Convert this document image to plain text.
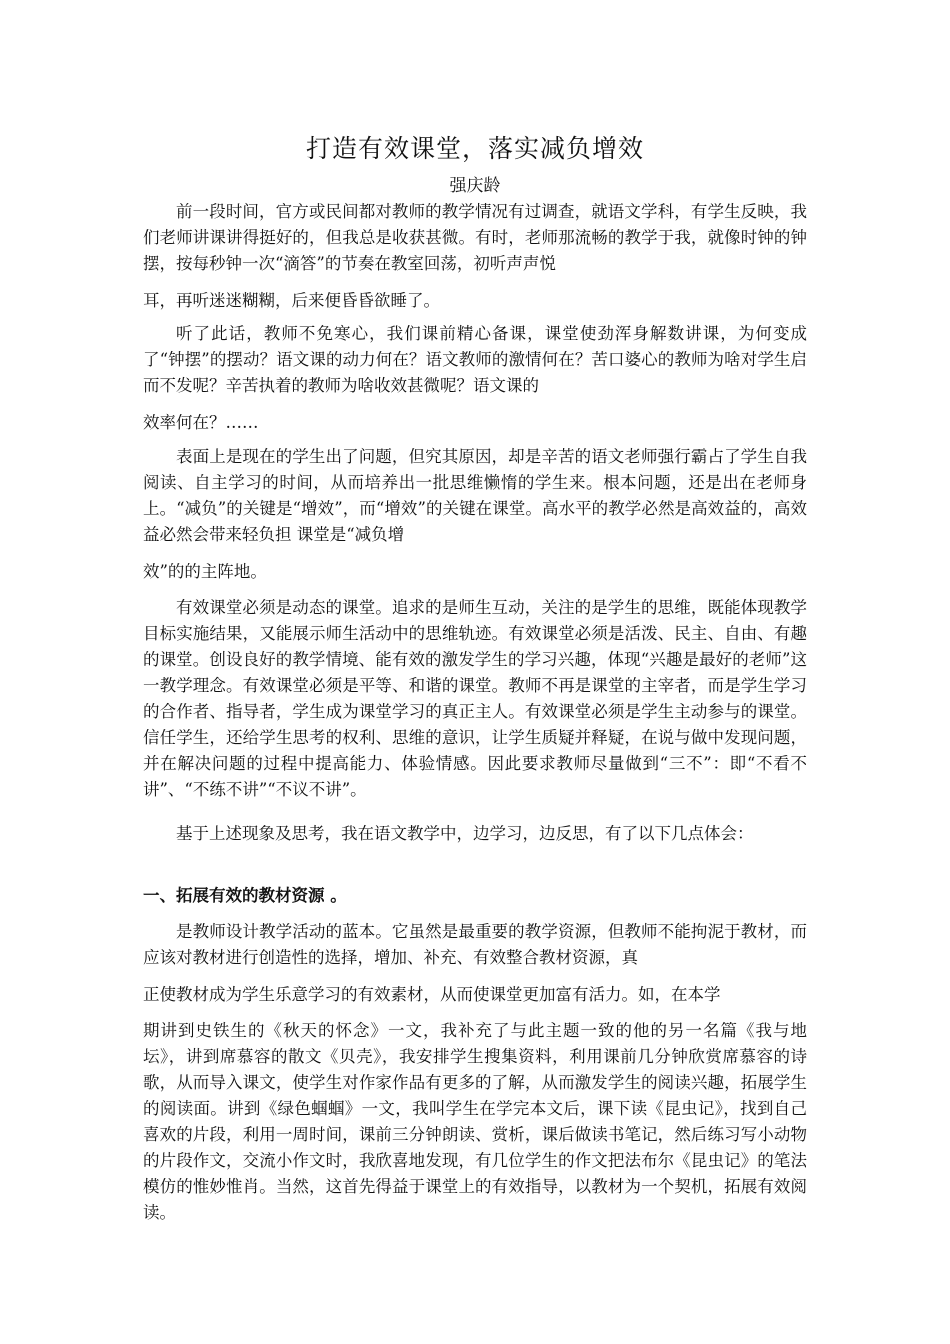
打造有效课堂，落实减负增效
强庆龄

前一段时间，官方或民间都对教师的教学情况有过调查，就语文学科，有学生反映，我们老师讲课讲得挺好的，但我总是收获甚微。有时，老师那流畅的教学于我，就像时钟的钟摆，按每秒钟一次“滴答”的节奏在教室回荡，初听声声悦
耳，再听迷迷糊糊，后来便昏昏欲睡了。

听了此话，教师不免寒心，我们课前精心备课，课堂使劲浑身解数讲课，为何变成了“钟摆”的摆动？语文课的动力何在？语文教师的激情何在？苦口婆心的教师为啥对学生启而不发呢？辛苦执着的教师为啥收效甚微呢？语文课的
效率何在？……

表面上是现在的学生出了问题，但究其原因，却是辛苦的语文老师强行霸占了学生自我阅读、自主学习的时间，从而培养出一批思维懒惰的学生来。根本问题，还是出在老师身上。“减负”的关键是“增效”，而“增效”的关键在课堂。高水平的教学必然是高效益的，高效益必然会带来轻负担 课堂是“减负增
效”的的主阵地。

有效课堂必须是动态的课堂。追求的是师生互动，关注的是学生的思维，既能体现教学目标实施结果，又能展示师生活动中的思维轨迹。有效课堂必须是活泼、民主、自由、有趣的课堂。创设良好的教学情境、能有效的激发学生的学习兴趣，体现“兴趣是最好的老师”这一教学理念。有效课堂必须是平等、和谐的课堂。教师不再是课堂的主宰者，而是学生学习的合作者、指导者，学生成为课堂学习的真正主人。有效课堂必须是学生主动参与的课堂。信任学生，还给学生思考的权利、思维的意识，让学生质疑并释疑，在说与做中发现问题，并在解决问题的过程中提高能力、体验情感。因此要求教师尽量做到“三不”：即“不看不讲”、“不练不讲”“不议不讲”。

基于上述现象及思考，我在语文教学中，边学习，边反思，有了以下几点体会：

一、拓展有效的教材资源 。

是教师设计教学活动的蓝本。它虽然是最重要的教学资源，但教师不能拘泥于教材，而应该对教材进行创造性的选择，增加、补充、有效整合教材资源，真
正使教材成为学生乐意学习的有效素材，从而使课堂更加富有活力。如，在本学

期讲到史铁生的《秋天的怀念》一文，我补充了与此主题一致的他的另一名篇《我与地坛》，讲到席慕容的散文《贝壳》，我安排学生搜集资料，利用课前几分钟欣赏席慕容的诗歌，从而导入课文，使学生对作家作品有更多的了解，从而激发学生的阅读兴趣，拓展学生的阅读面。讲到《绿色蝈蝈》一文，我叫学生在学完本文后，课下读《昆虫记》，找到自己喜欢的片段，利用一周时间，课前三分钟朗读、赏析，课后做读书笔记，然后练习写小动物的片段作文，交流小作文时，我欣喜地发现，有几位学生的作文把法布尔《昆虫记》的笔法模仿的惟妙惟肖。当然，这首先得益于课堂上的有效指导，以教材为一个契机，拓展有效阅读。
